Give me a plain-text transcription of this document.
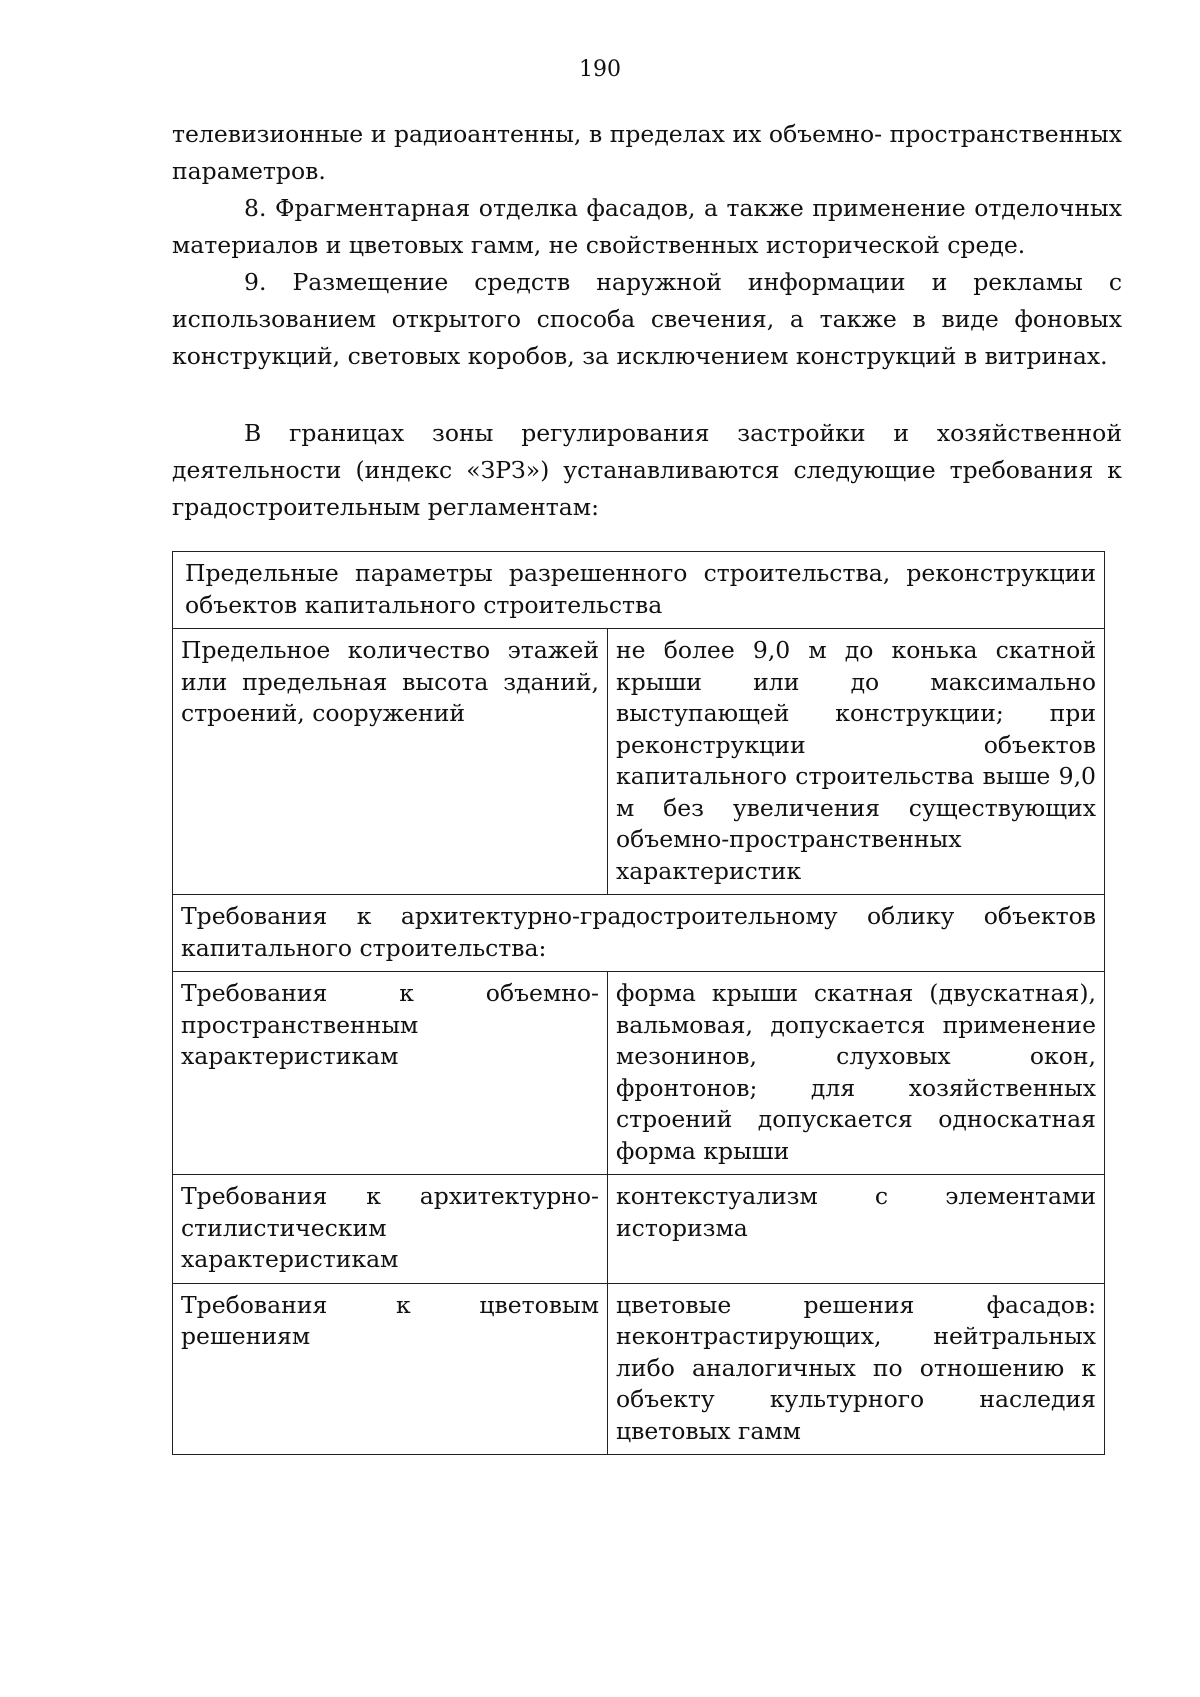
190

телевизионные и радиоантенны, в пределах их объемно- пространственных параметров.

8. Фрагментарная отделка фасадов, а также применение отделочных материалов и цветовых гамм, не свойственных исторической среде.

9. Размещение средств наружной информации и рекламы с использованием открытого способа свечения, а также в виде фоновых конструкций, световых коробов, за исключением конструкций в витринах.

В границах зоны регулирования застройки и хозяйственной деятельности (индекс «ЗРЗ») устанавливаются следующие требования к градостроительным регламентам:

Предельные параметры разрешенного строительства, реконструкции объектов капитального строительства	
Предельное количество этажей или предельная высота зданий, строений, сооружений	не более 9,0 м до конька скатной крыши или до максимально выступающей конструкции; при реконструкции объектов капитального строительства выше 9,0 м без увеличения существующих объемно-пространственных характеристик
Требования к архитектурно-градостроительному облику объектов капитального строительства:	
Требования к объемно-пространственным характеристикам	форма крыши скатная (двускатная), вальмовая, допускается применение мезонинов, слуховых окон, фронтонов; для хозяйственных строений допускается односкатная форма крыши
Требования к архитектурно-стилистическим характеристикам	контекстуализм с элементами историзма
Требования к цветовым решениям	цветовые решения фасадов: неконтрастирующих, нейтральных либо аналогичных по отношению к объекту культурного наследия цветовых гамм
